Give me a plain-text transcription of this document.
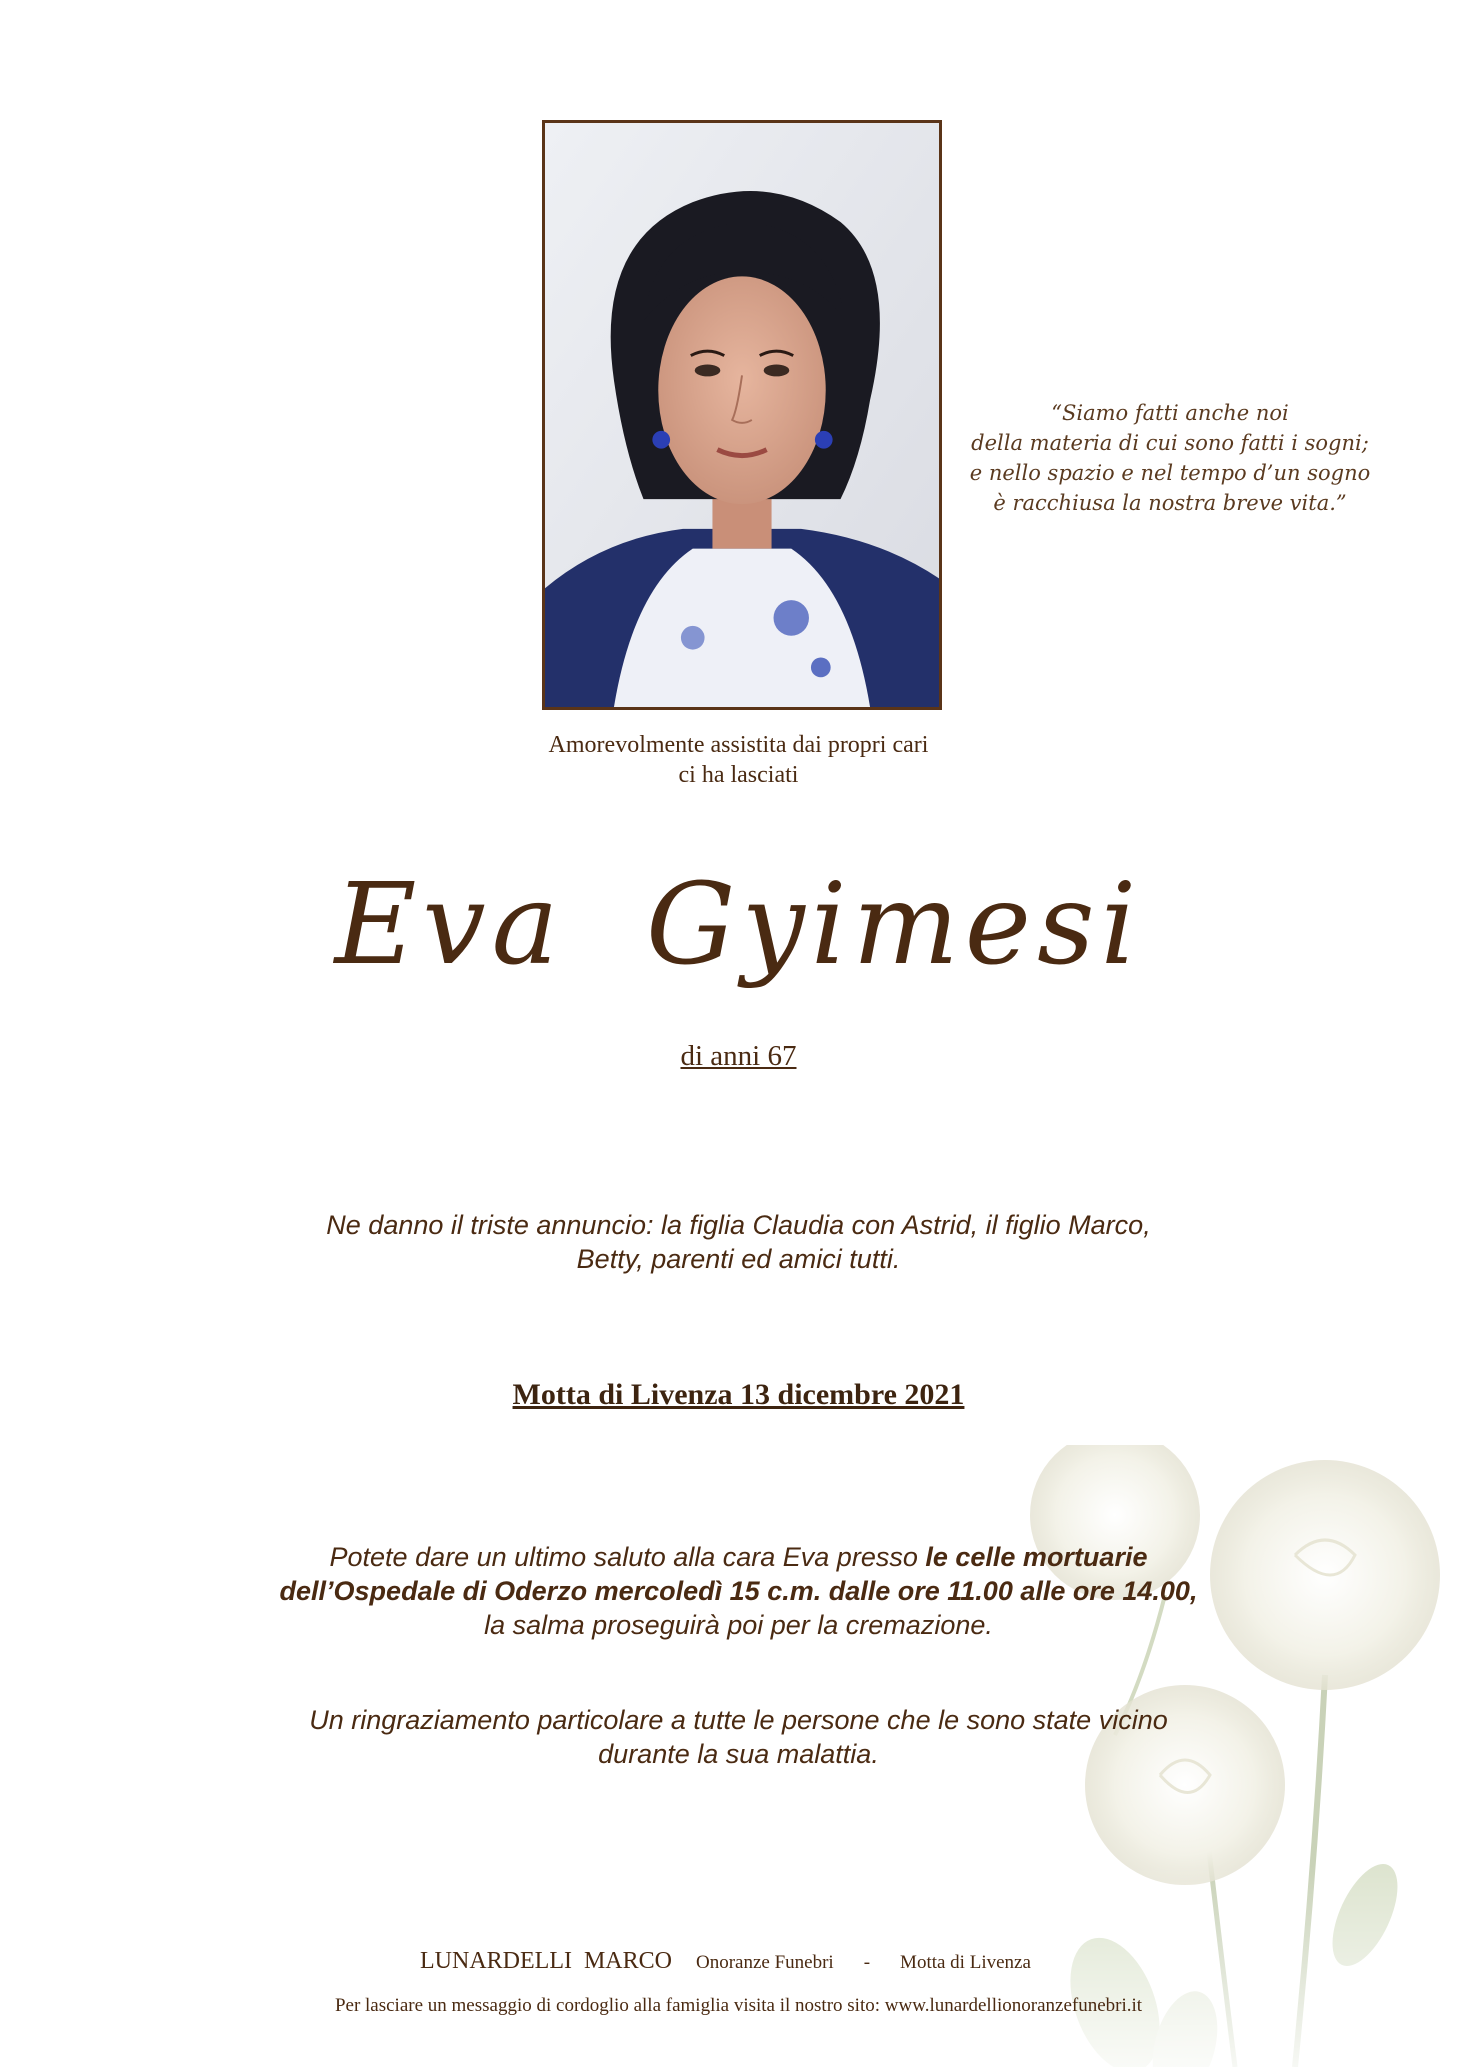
“Siamo fatti anche noi
della materia di cui sono fatti i sogni;
e nello spazio e nel tempo d’un sogno
è racchiusa la nostra breve vita.”
Amorevolmente assistita dai propri cari
ci ha lasciati
Eva Gyimesi
di anni 67
Ne danno il triste annuncio: la figlia Claudia con Astrid, il figlio Marco,
Betty, parenti ed amici tutti.
Motta di Livenza 13 dicembre 2021
Potete dare un ultimo saluto alla cara Eva presso le celle mortuarie
dell’Ospedale di Oderzo mercoledì 15 c.m. dalle ore 11.00 alle ore 14.00,
la salma proseguirà poi per la cremazione.
Un ringraziamento particolare a tutte le persone che le sono state vicino
durante la sua malattia.
LUNARDELLI  MARCO Onoranze Funebri - Motta di Livenza
Per lasciare un messaggio di cordoglio alla famiglia visita il nostro sito: www.lunardellionoranzefunebri.it
